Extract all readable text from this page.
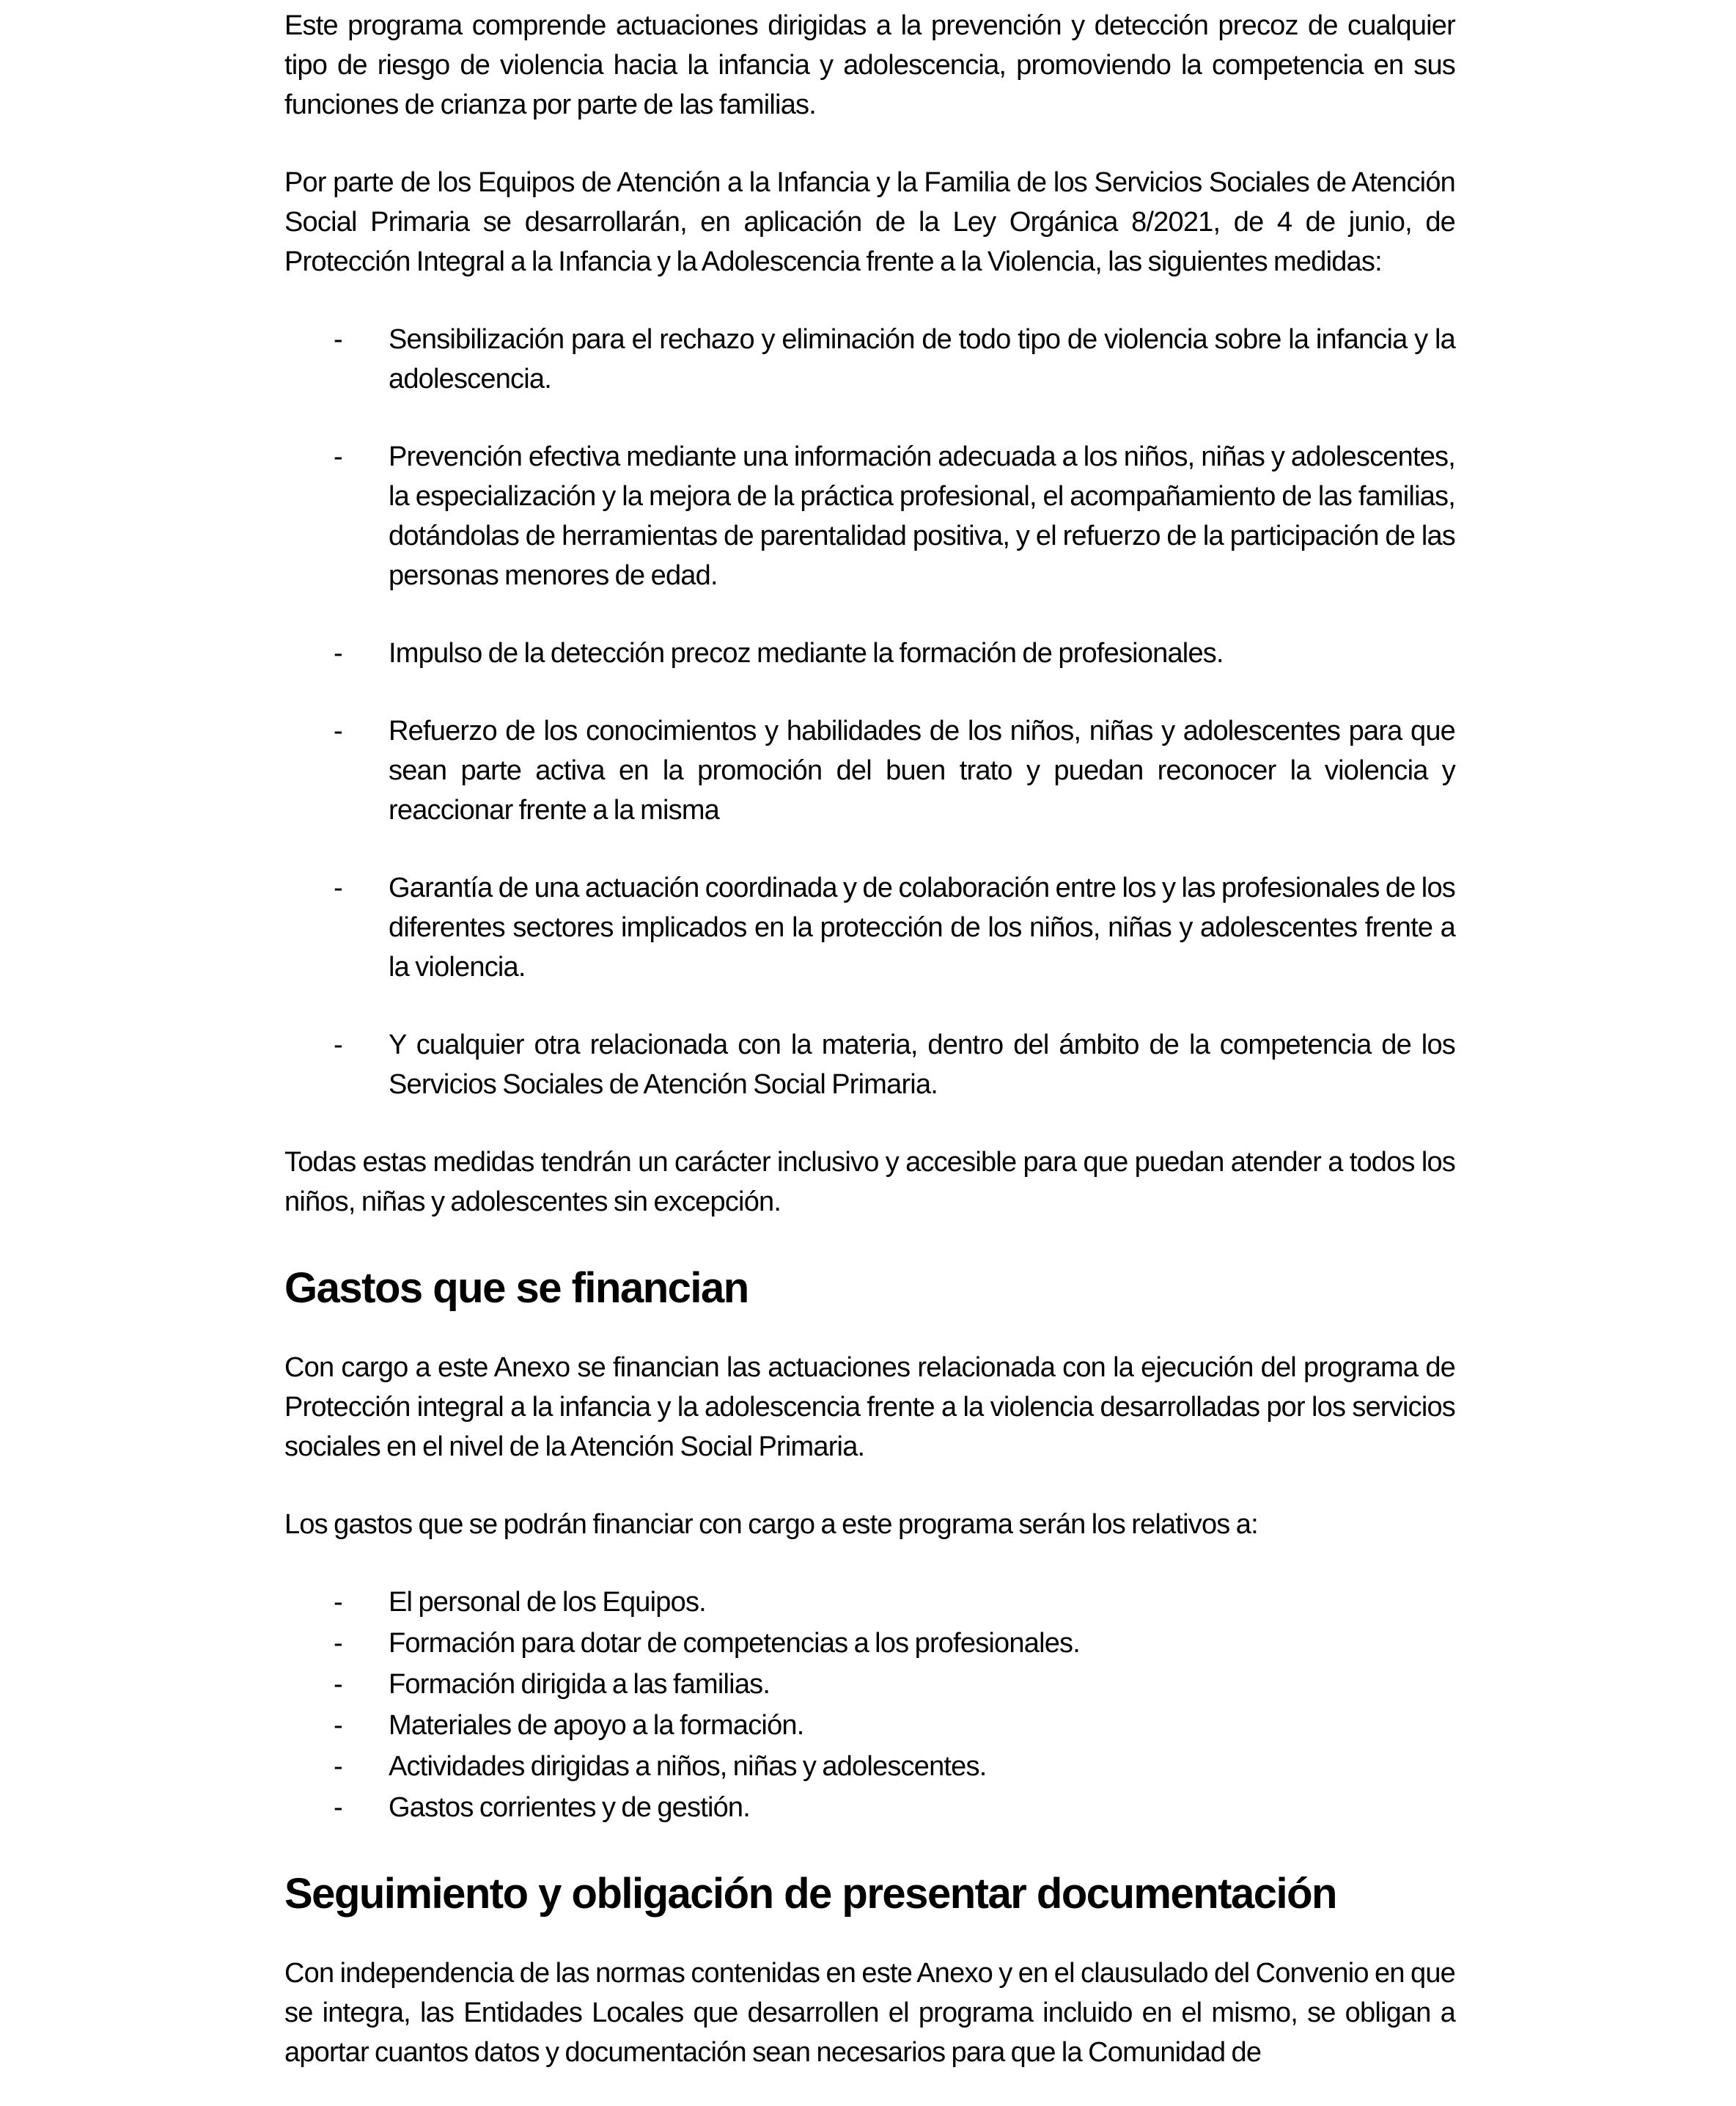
Este programa comprende actuaciones dirigidas a la prevención y detección precoz de cualquier tipo de riesgo de violencia hacia la infancia y adolescencia, promoviendo la competencia en sus funciones de crianza por parte de las familias.

Por parte de los Equipos de Atención a la Infancia y la Familia de los Servicios Sociales de Atención Social Primaria se desarrollarán, en aplicación de la Ley Orgánica 8/2021, de 4 de junio, de Protección Integral a la Infancia y la Adolescencia frente a la Violencia, las siguientes medidas:

- Sensibilización para el rechazo y eliminación de todo tipo de violencia sobre la infancia y la adolescencia.
- Prevención efectiva mediante una información adecuada a los niños, niñas y adolescentes, la especialización y la mejora de la práctica profesional, el acompañamiento de las familias, dotándolas de herramientas de parentalidad positiva, y el refuerzo de la participación de las personas menores de edad.
- Impulso de la detección precoz mediante la formación de profesionales.
- Refuerzo de los conocimientos y habilidades de los niños, niñas y adolescentes para que sean parte activa en la promoción del buen trato y puedan reconocer la violencia y reaccionar frente a la misma
- Garantía de una actuación coordinada y de colaboración entre los y las profesionales de los diferentes sectores implicados en la protección de los niños, niñas y adolescentes frente a la violencia.
- Y cualquier otra relacionada con la materia, dentro del ámbito de la competencia de los Servicios Sociales de Atención Social Primaria.

Todas estas medidas tendrán un carácter inclusivo y accesible para que puedan atender a todos los niños, niñas y adolescentes sin excepción.

Gastos que se financian

Con cargo a este Anexo se financian las actuaciones relacionada con la ejecución del programa de Protección integral a la infancia y la adolescencia frente a la violencia desarrolladas por los servicios sociales en el nivel de la Atención Social Primaria.

Los gastos que se podrán financiar con cargo a este programa serán los relativos a:

- El personal de los Equipos.
- Formación para dotar de competencias a los profesionales.
- Formación dirigida a las familias.
- Materiales de apoyo a la formación.
- Actividades dirigidas a niños, niñas y adolescentes.
- Gastos corrientes y de gestión.
Seguimiento y obligación de presentar documentación

Con independencia de las normas contenidas en este Anexo y en el clausulado del Convenio en que se integra, las Entidades Locales que desarrollen el programa incluido en el mismo, se obligan a aportar cuantos datos y documentación sean necesarios para que la Comunidad de
